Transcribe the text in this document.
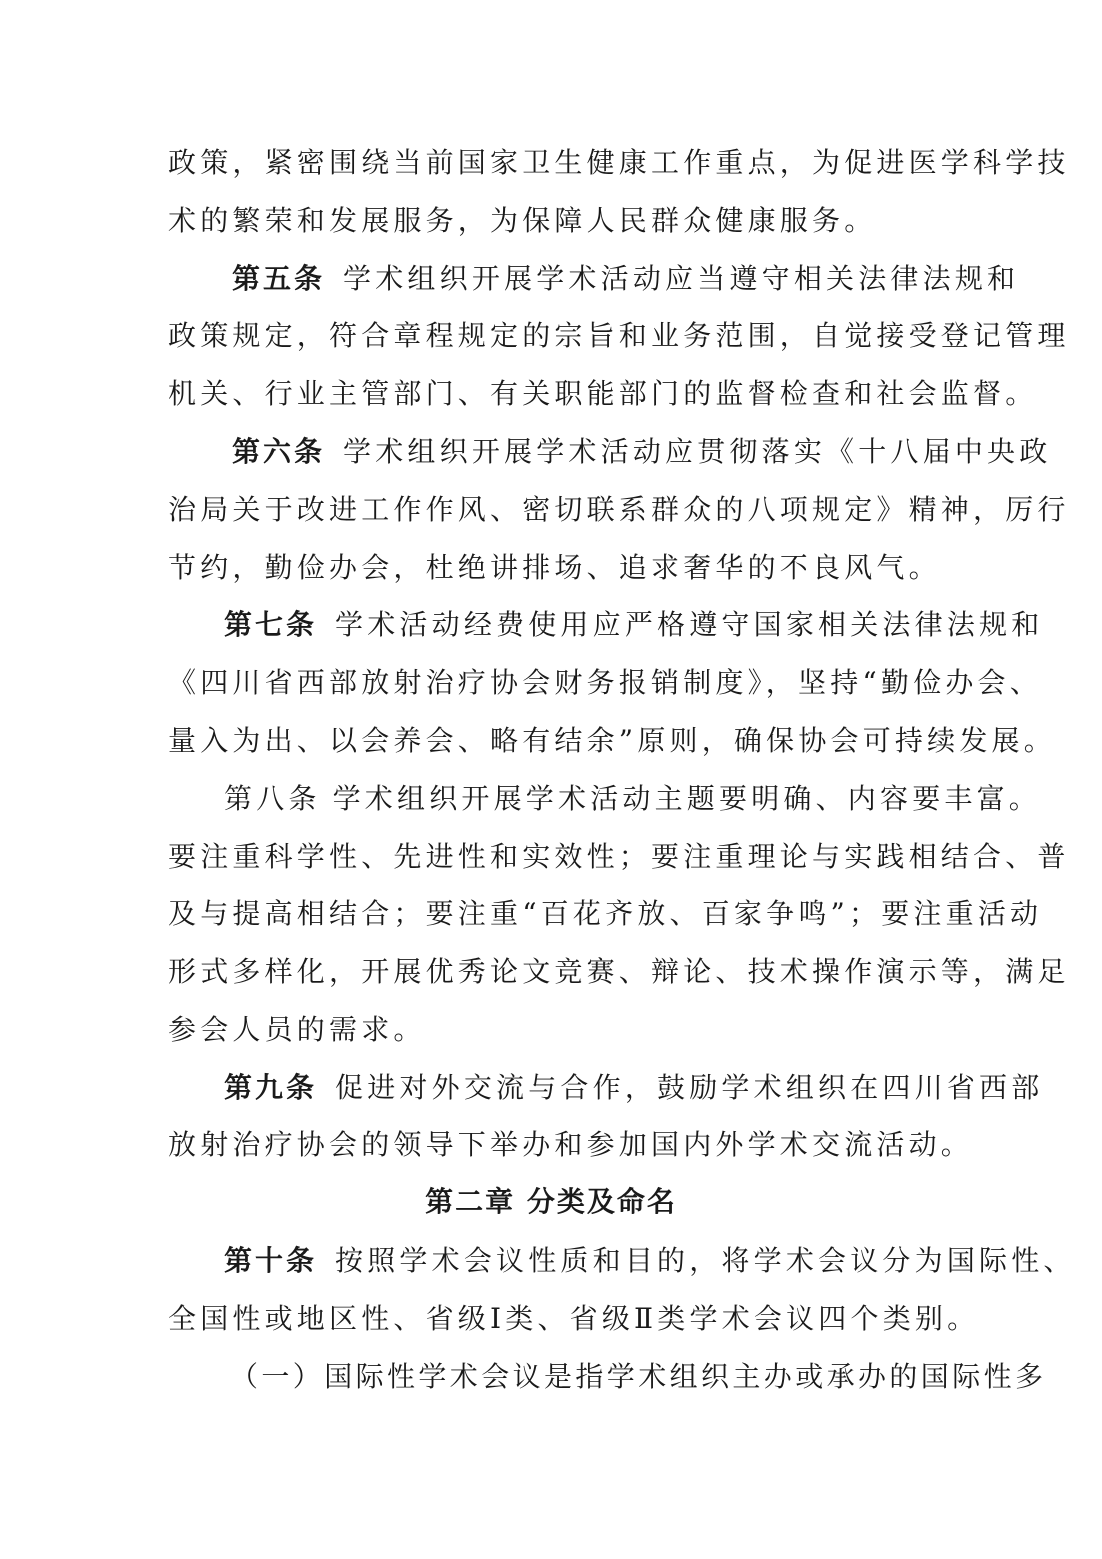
政策，紧密围绕当前国家卫生健康工作重点，为促进医学科学技
术的繁荣和发展服务，为保障人民群众健康服务。
第五条 学术组织开展学术活动应当遵守相关法律法规和
政策规定，符合章程规定的宗旨和业务范围，自觉接受登记管理
机关、行业主管部门、有关职能部门的监督检查和社会监督。
第六条 学术组织开展学术活动应贯彻落实《十八届中央政
治局关于改进工作作风、密切联系群众的八项规定》精神，厉行
节约，勤俭办会，杜绝讲排场、追求奢华的不良风气。
第七条 学术活动经费使用应严格遵守国家相关法律法规和
《四川省西部放射治疗协会财务报销制度》，坚持“勤俭办会、
量入为出、以会养会、略有结余”原则，确保协会可持续发展。
第八条 学术组织开展学术活动主题要明确、内容要丰富。
要注重科学性、先进性和实效性；要注重理论与实践相结合、普
及与提高相结合；要注重“百花齐放、百家争鸣”；要注重活动
形式多样化，开展优秀论文竞赛、辩论、技术操作演示等，满足
参会人员的需求。
第九条 促进对外交流与合作，鼓励学术组织在四川省西部
放射治疗协会的领导下举办和参加国内外学术交流活动。
第二章 分类及命名
第十条 按照学术会议性质和目的，将学术会议分为国际性、
全国性或地区性、省级Ⅰ类、省级Ⅱ类学术会议四个类别。
（一）国际性学术会议是指学术组织主办或承办的国际性多
